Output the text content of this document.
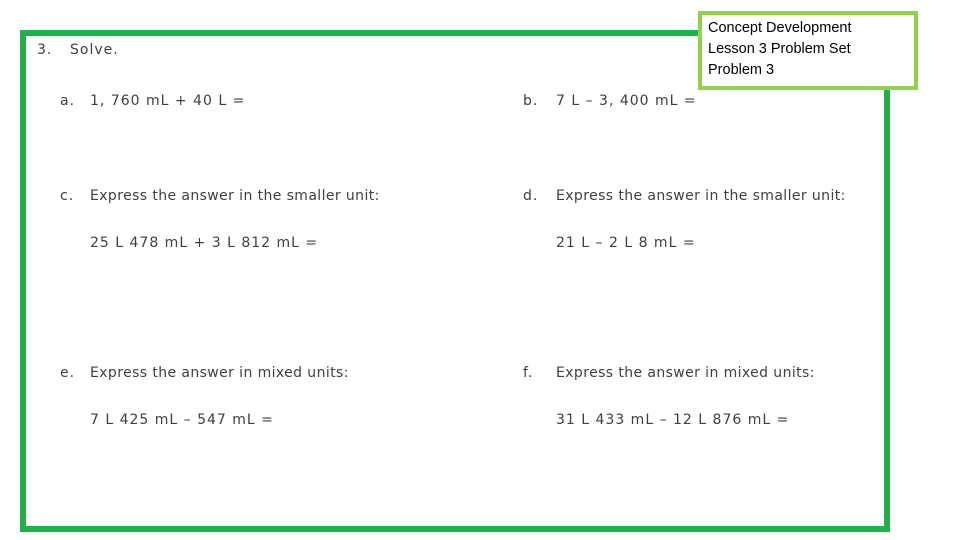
Concept Development
Lesson 3 Problem Set
Problem 3
3. Solve.
a. 1, 760 mL + 40 L =	b. 7 L – 3, 400 mL =
c. Express the answer in the smaller unit:
25 L 478 mL + 3 L 812 mL =
d. Express the answer in the smaller unit:
21 L – 2 L 8 mL =
e. Express the answer in mixed units:
7 L 425 mL – 547 mL =
f. Express the answer in mixed units:
31 L 433 mL – 12 L 876 mL =
